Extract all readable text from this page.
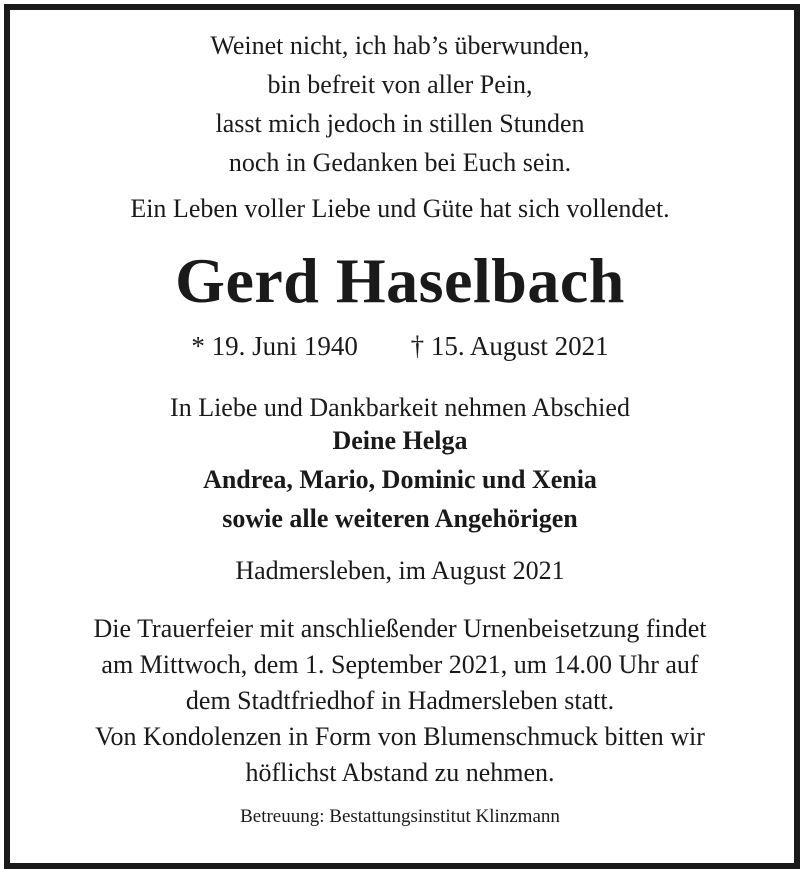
Weinet nicht, ich hab’s überwunden,
bin befreit von aller Pein,
lasst mich jedoch in stillen Stunden
noch in Gedanken bei Euch sein.
Ein Leben voller Liebe und Güte hat sich vollendet.
Gerd Haselbach
* 19. Juni 1940 † 15. August 2021
In Liebe und Dankbarkeit nehmen Abschied
Deine Helga
Andrea, Mario, Dominic und Xenia
sowie alle weiteren Angehörigen
Hadmersleben, im August 2021
Die Trauerfeier mit anschließender Urnenbeisetzung findet
am Mittwoch, dem 1. September 2021, um 14.00 Uhr auf
dem Stadtfriedhof in Hadmersleben statt.
Von Kondolenzen in Form von Blumenschmuck bitten wir
höflichst Abstand zu nehmen.
Betreuung: Bestattungsinstitut Klinzmann
